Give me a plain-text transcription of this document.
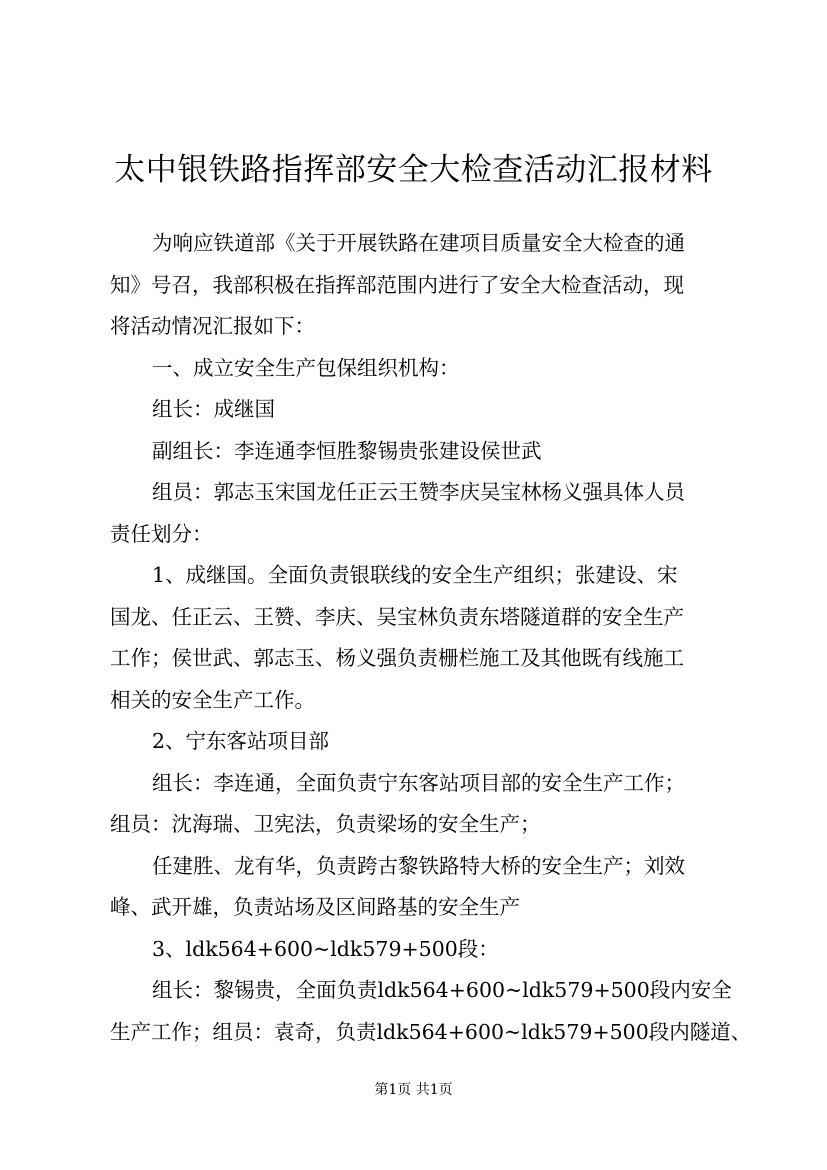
太中银铁路指挥部安全大检查活动汇报材料
为响应铁道部《关于开展铁路在建项目质量安全大检查的通
知》号召，我部积极在指挥部范围内进行了安全大检查活动，现
将活动情况汇报如下：
一、成立安全生产包保组织机构：
组长：成继国
副组长：李连通李恒胜黎锡贵张建设侯世武
组员：郭志玉宋国龙任正云王赞李庆吴宝林杨义强具体人员
责任划分：
1、成继国。全面负责银联线的安全生产组织；张建设、宋
国龙、任正云、王赞、李庆、吴宝林负责东塔隧道群的安全生产
工作；侯世武、郭志玉、杨义强负责栅栏施工及其他既有线施工
相关的安全生产工作。
2、宁东客站项目部
组长：李连通，全面负责宁东客站项目部的安全生产工作；
组员：沈海瑞、卫宪法，负责梁场的安全生产；
任建胜、龙有华，负责跨古黎铁路特大桥的安全生产；刘效
峰、武开雄，负责站场及区间路基的安全生产
3、ldk564+600~ldk579+500段：
组长：黎锡贵，全面负责ldk564+600~ldk579+500段内安全
生产工作；组员：袁奇，负责ldk564+600~ldk579+500段内隧道、
第1页 共1页
